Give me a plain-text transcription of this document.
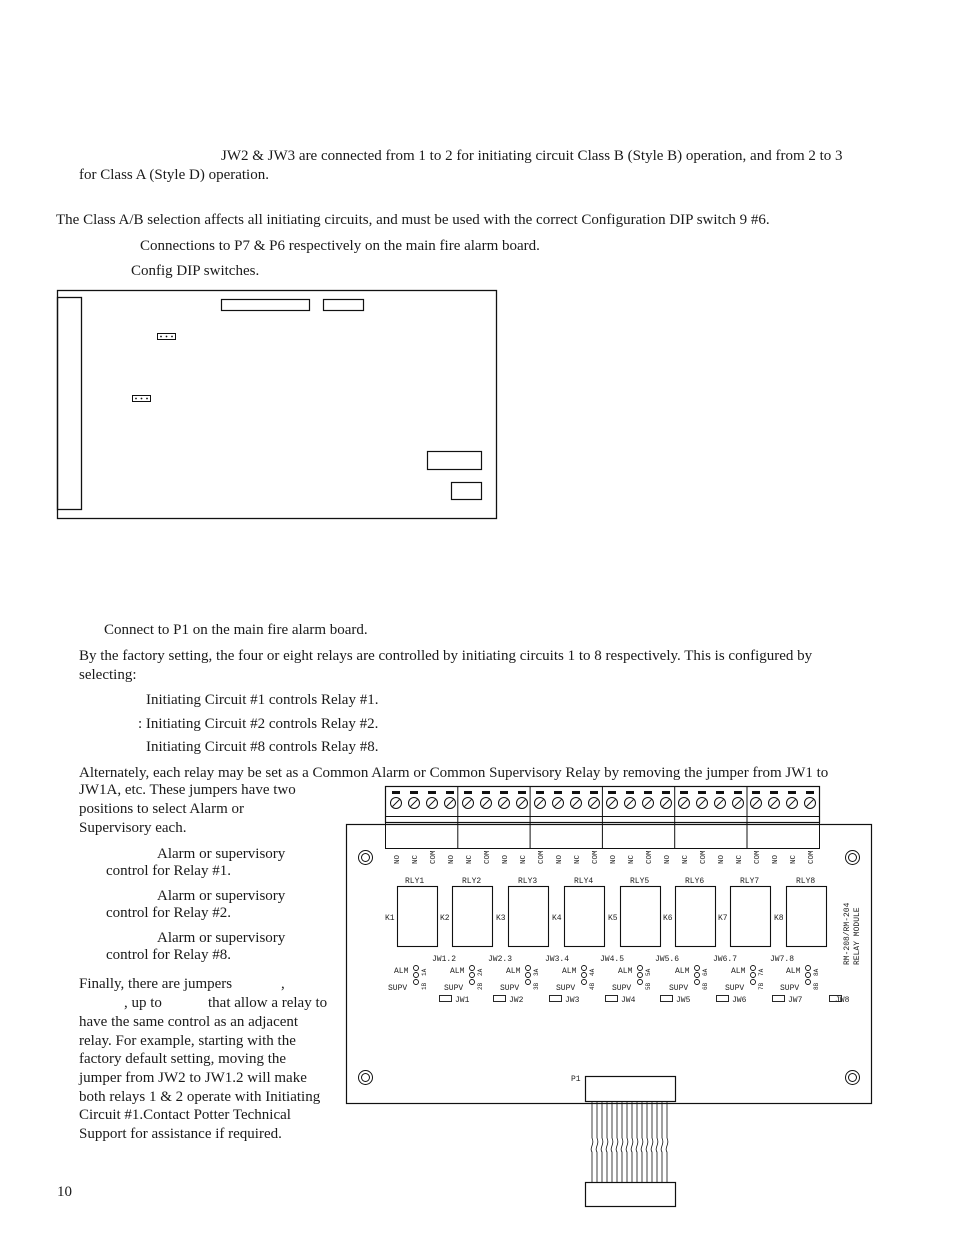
JW2 & JW3 are connected from 1 to 2 for initiating circuit Class B (Style B) operation, and from 2 to 3

for Class A (Style D) operation.

The Class A/B selection affects all initiating circuits, and must be used with the correct Configuration DIP switch 9 #6.

Connections to P7 & P6 respectively on the main fire alarm board.

Config DIP switches.

Connect to P1 on the main fire alarm board.

By the factory setting, the four or eight relays are controlled by initiating circuits 1 to 8 respectively. This is configured by

selecting:

Initiating Circuit #1 controls Relay #1.

: Initiating Circuit #2 controls Relay #2.

Initiating Circuit #8 controls Relay #8.

Alternately, each relay may be set as a Common Alarm or Common Supervisory Relay by removing the jumper from JW1 to

JW1A, etc. These jumpers have two

positions to select Alarm or

Supervisory each.

Alarm or supervisory

control for Relay #1.

Alarm or supervisory

control for Relay #2.

Alarm or supervisory

control for Relay #8.

Finally, there are jumpers	,

, up to	that allow a relay to

have the same control as an adjacent

relay. For example, starting with the

factory default setting, moving the

jumper from JW2 to JW1.2 will make

both relays 1 & 2 operate with Initiating

Circuit #1.Contact Potter Technical

Support for assistance if required.

10

NO NC COM NO NC COM NO NC COM NO NC COM NO NC COM NO NC COM NO NC COM NO NC COM
RLY1
K1
RLY2
K2
RLY3
K3
RLY4
K4
RLY5
K5
RLY6
K6
RLY7
K7
RLY8
K8
JW1.2	JW2.3	JW3.4	JW4.5	JW5.6	JW6.7	JW7.8
ALM
SUPV
1A
1B
ALM
SUPV
2A
2B
ALM
SUPV
3A
3B
ALM
SUPV
4A
4B
ALM
SUPV
5A
5B
ALM
SUPV
6A
6B
ALM
SUPV
7A
7B
ALM
SUPV
8A
8B
JW1	JW2	JW3	JW4	JW5	JW6	JW7	JW8
P1
RM-208/RM-204 RELAY MODULE
